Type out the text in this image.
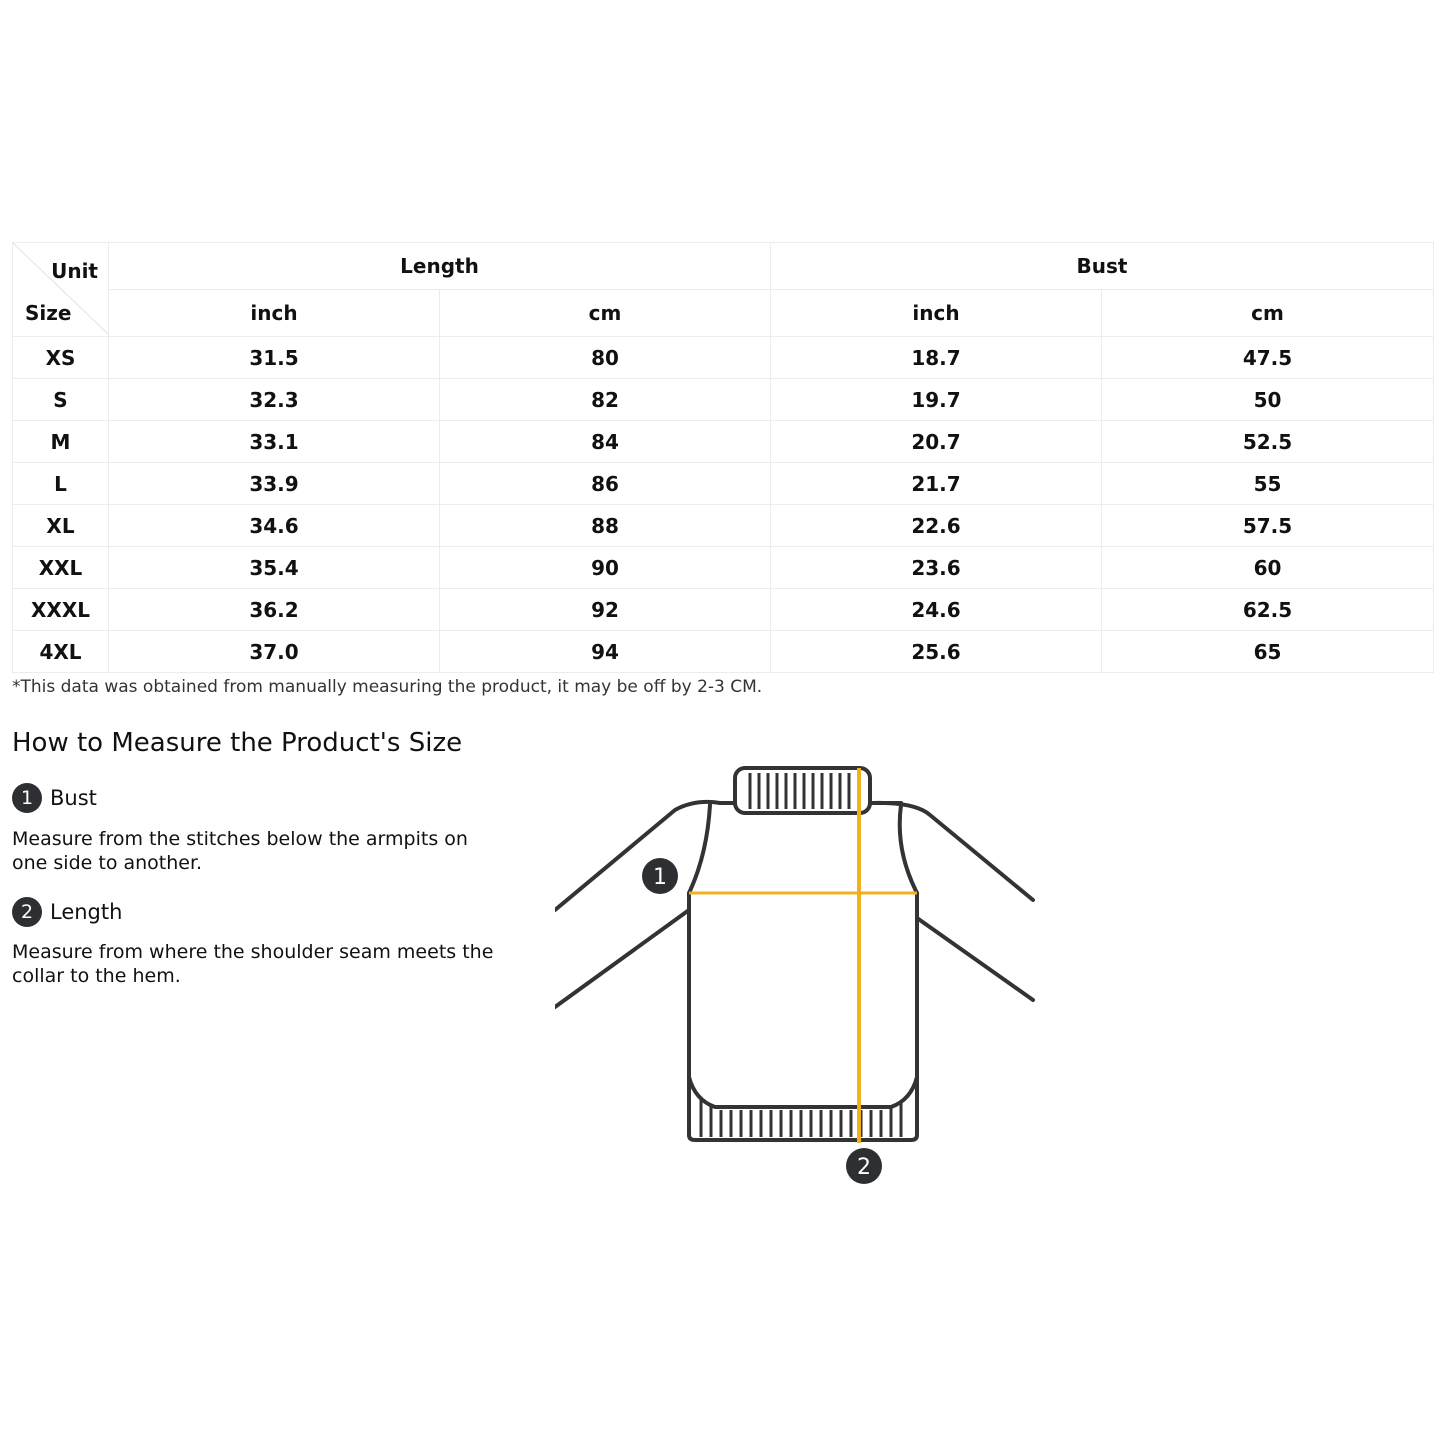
Unit
Size	Length		Bust	
	inch	cm	inch	cm
XS	31.5	80	18.7	47.5
S	32.3	82	19.7	50
M	33.1	84	20.7	52.5
L	33.9	86	21.7	55
XL	34.6	88	22.6	57.5
XXL	35.4	90	23.6	60
XXXL	36.2	92	24.6	62.5
4XL	37.0	94	25.6	65
*This data was obtained from manually measuring the product, it may be off by 2-3 CM.
How to Measure the Product's Size
1 Bust
Measure from the stitches below the armpits on one side to another.
2 Length
Measure from where the shoulder seam meets the collar to the hem.
1
2
